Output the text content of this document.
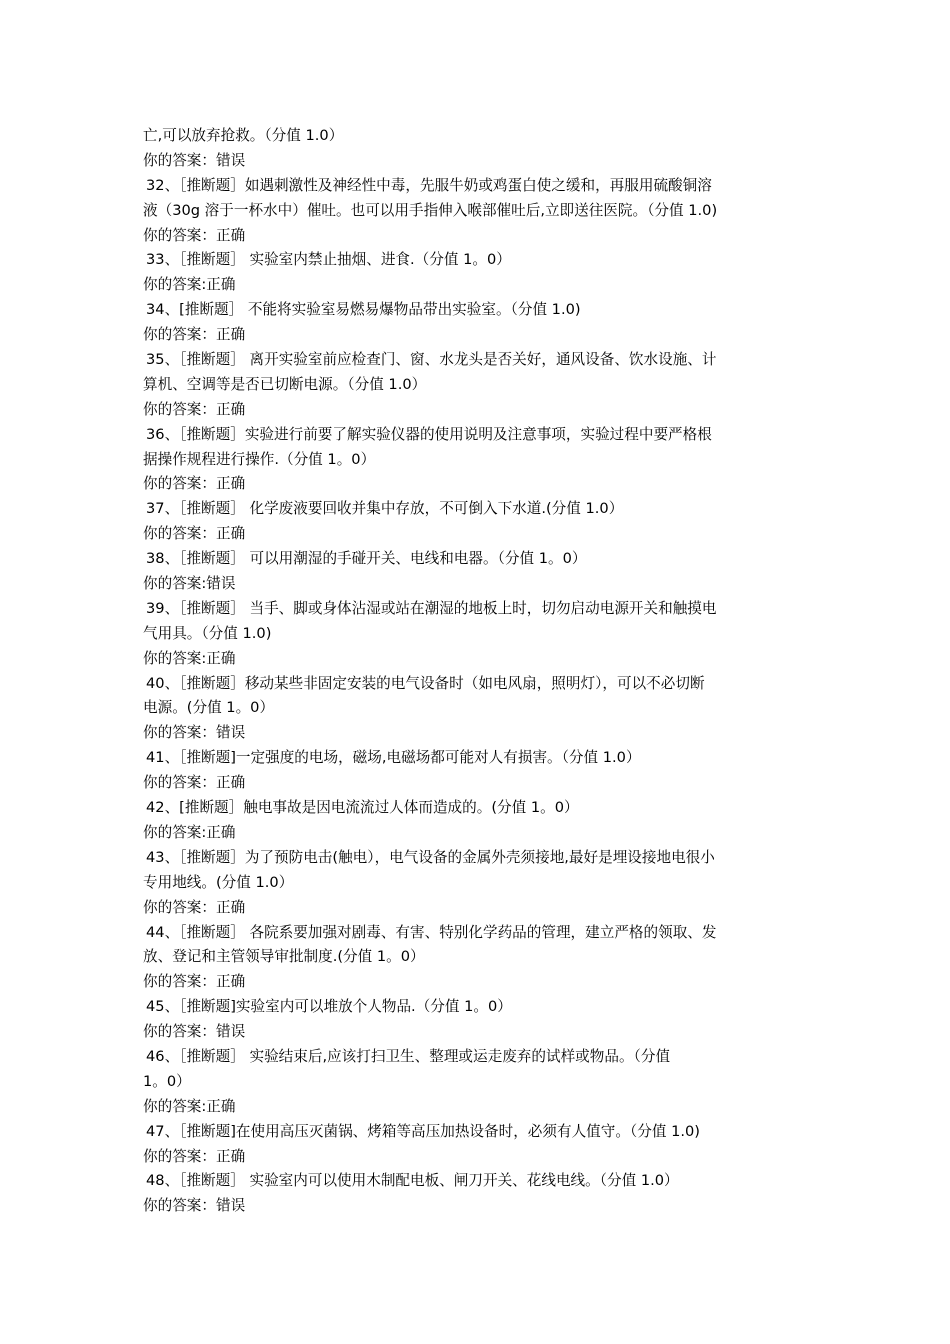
亡,可以放弃抢救。（分值 1.0）
你的答案：错误
32、［推断题］如遇刺激性及神经性中毒，先服牛奶或鸡蛋白使之缓和，再服用硫酸铜溶
液（30g 溶于一杯水中）催吐。也可以用手指伸入喉部催吐后,立即送往医院。（分值 1.0)
你的答案：正确
33、［推断题］ 实验室内禁止抽烟、进食.（分值 1。0）
你的答案:正确
34、[推断题］ 不能将实验室易燃易爆物品带出实验室。（分值 1.0)
你的答案：正确
35、［推断题］ 离开实验室前应检查门、窗、水龙头是否关好，通风设备、饮水设施、计
算机、空调等是否已切断电源。（分值 1.0）
你的答案：正确
36、［推断题］实验进行前要了解实验仪器的使用说明及注意事项，实验过程中要严格根
据操作规程进行操作.（分值 1。0）
你的答案：正确
37、［推断题］ 化学废液要回收并集中存放，不可倒入下水道.(分值 1.0）
你的答案：正确
38、［推断题］ 可以用潮湿的手碰开关、电线和电器。（分值 1。0）
你的答案:错误
39、［推断题］ 当手、脚或身体沾湿或站在潮湿的地板上时，切勿启动电源开关和触摸电
气用具。（分值 1.0)
你的答案:正确
40、［推断题］移动某些非固定安装的电气设备时（如电风扇，照明灯），可以不必切断
电源。(分值 1。0）
你的答案：错误
41、［推断题]一定强度的电场，磁场,电磁场都可能对人有损害。（分值 1.0）
你的答案：正确
42、[推断题］触电事故是因电流流过人体而造成的。(分值 1。0）
你的答案:正确
43、［推断题］为了预防电击(触电），电气设备的金属外壳须接地,最好是埋设接地电很小
专用地线。(分值 1.0）
你的答案：正确
44、［推断题］ 各院系要加强对剧毒、有害、特别化学药品的管理，建立严格的领取、发
放、登记和主管领导审批制度.(分值 1。0）
你的答案：正确
45、［推断题]实验室内可以堆放个人物品.（分值 1。0）
你的答案：错误
46、［推断题］ 实验结束后,应该打扫卫生、整理或运走废弃的试样或物品。（分值
1。0）
你的答案:正确
47、［推断题]在使用高压灭菌锅、烤箱等高压加热设备时，必须有人值守。（分值 1.0)
你的答案：正确
48、［推断题］ 实验室内可以使用木制配电板、闸刀开关、花线电线。（分值 1.0）
你的答案：错误
